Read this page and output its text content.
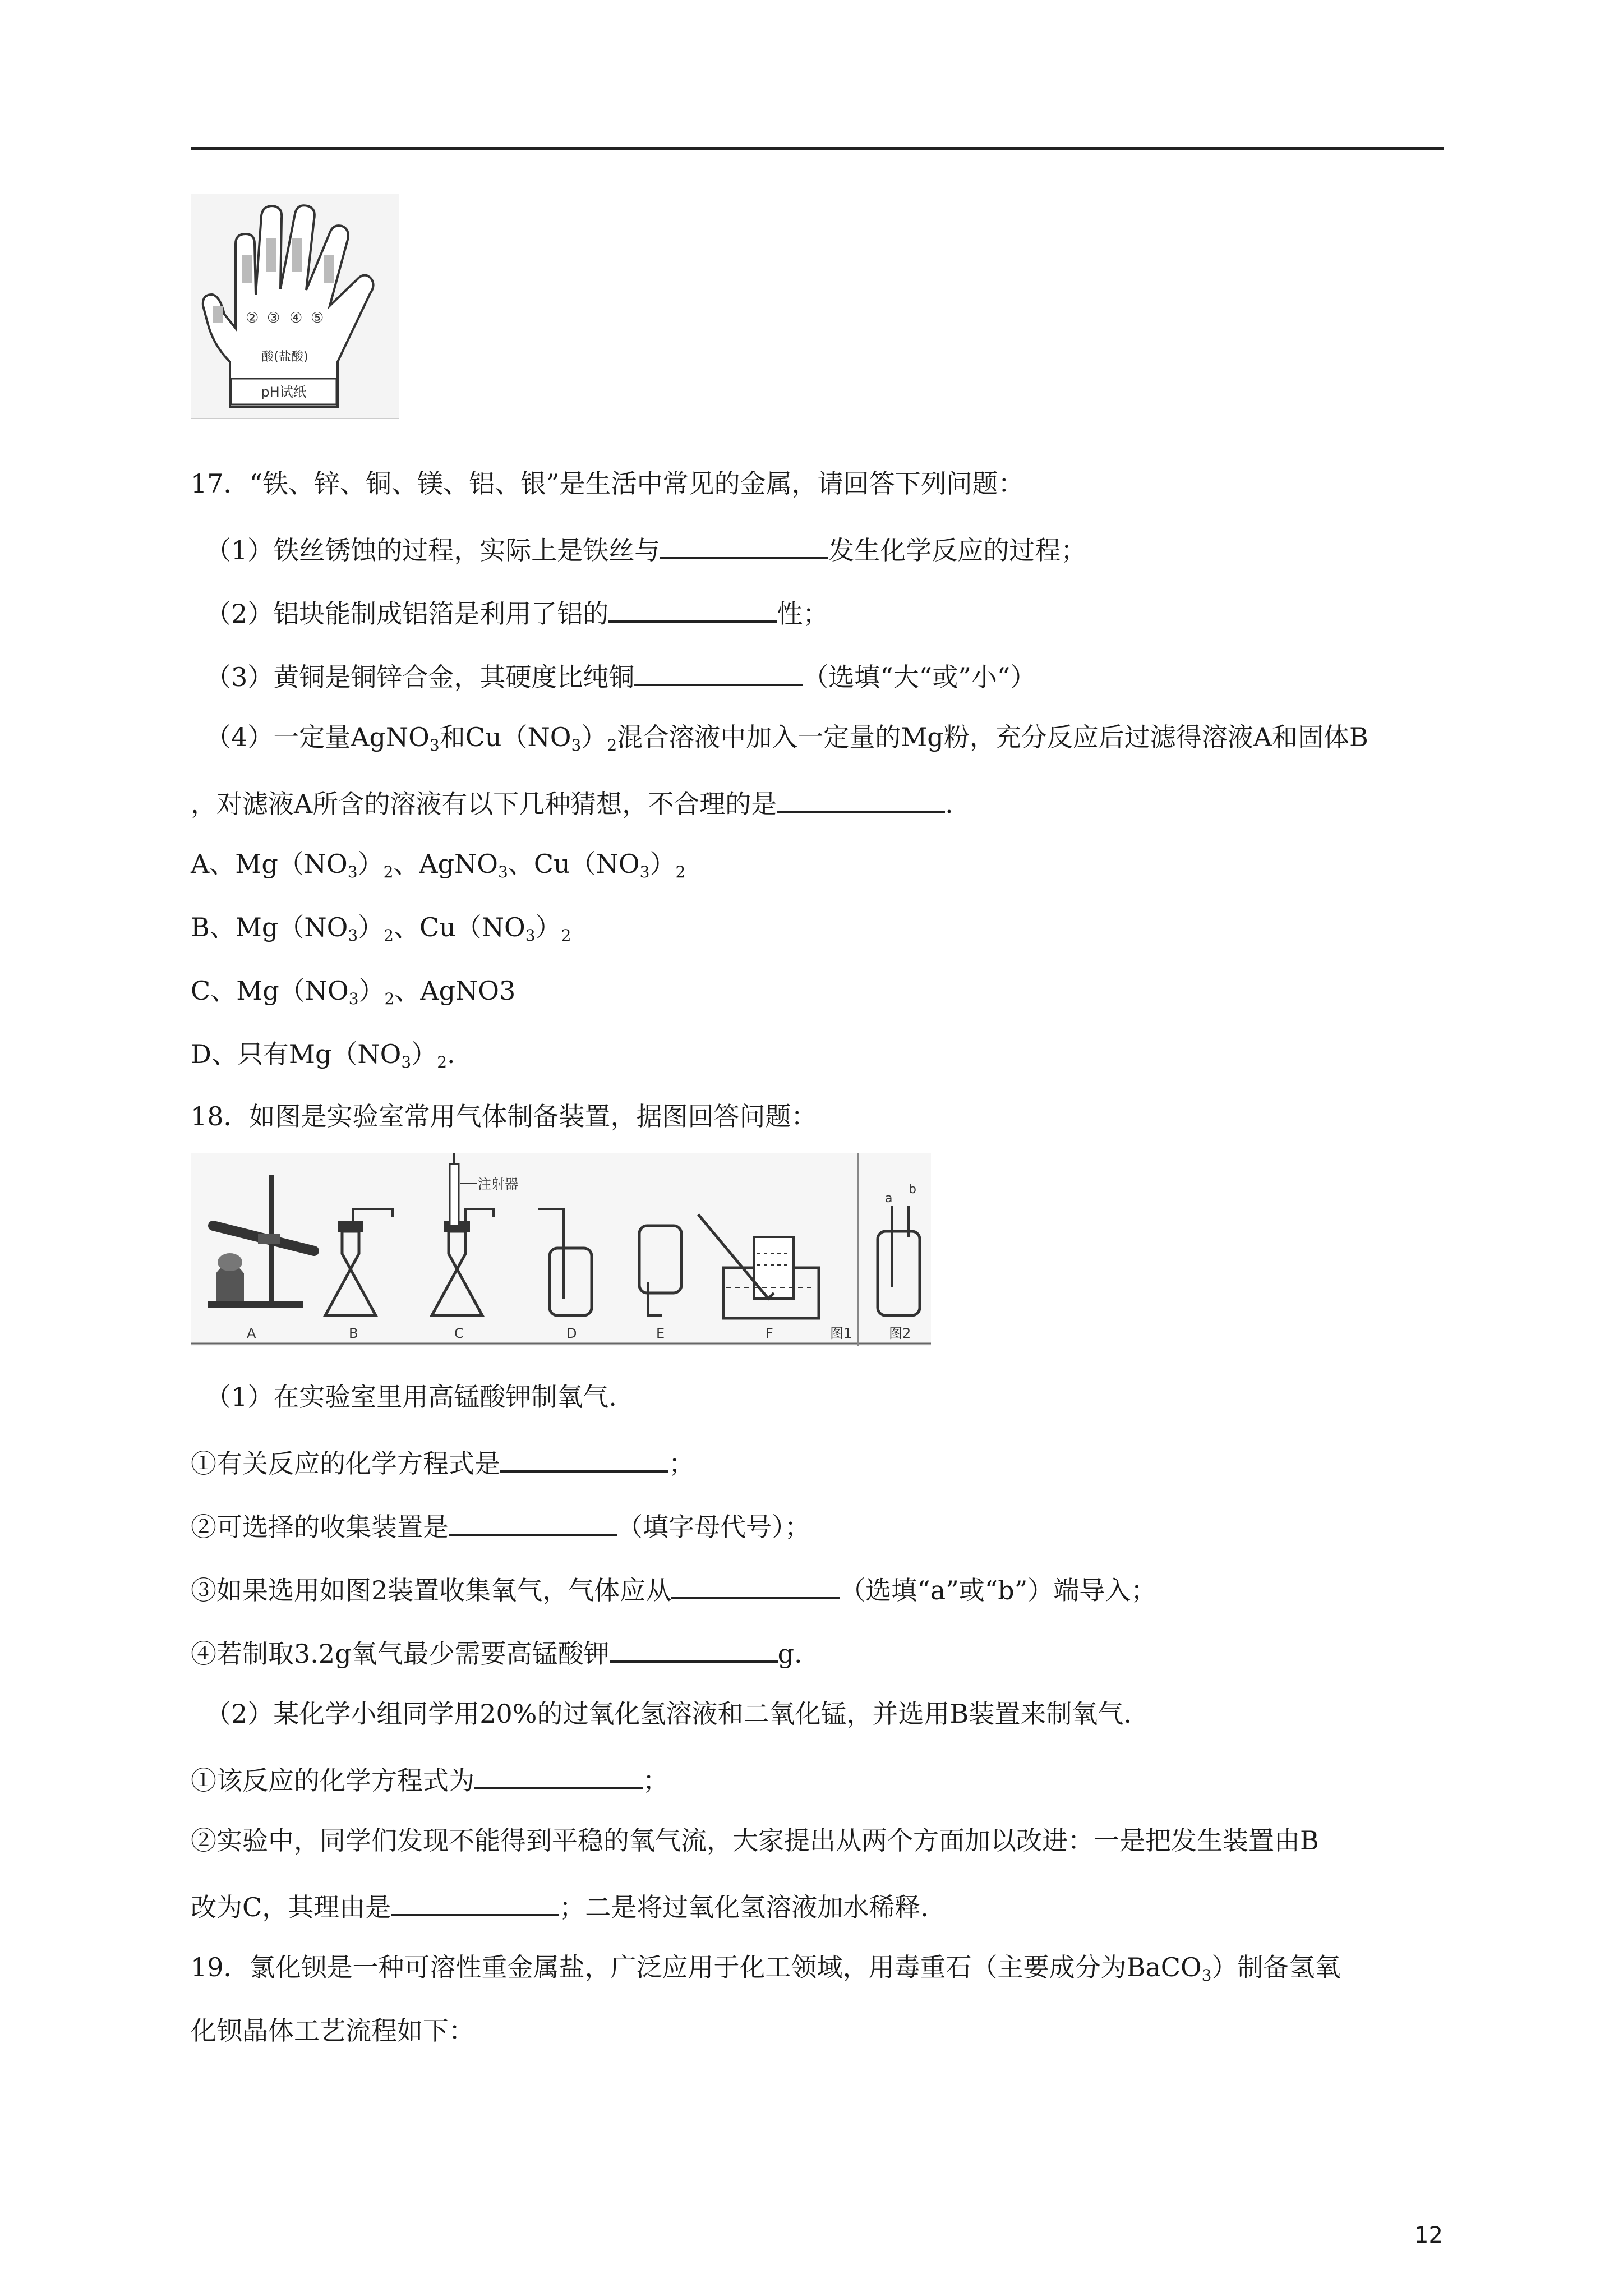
pH试纸
酸(盐酸)
② ③ ④ ⑤
17．“铁、锌、铜、镁、铝、银”是生活中常见的金属，请回答下列问题：
（1）铁丝锈蚀的过程，实际上是铁丝与	发生化学反应的过程；
（2）铝块能制成铝箔是利用了铝的	性；
（3）黄铜是铜锌合金，其硬度比纯铜	（选填“大“或”小“）
（4）一定量AgNO$_3$和$Cu(NO_3)_2$混合溶液中加入一定量的Mg粉，充分反应后过滤得溶液A和固体B
，对滤液A所含的溶液有以下几种猜想，不合理的是	.
A、$Mg(NO_3)_2$、AgNO$_3$、$Cu(NO_3)_2$
B、$Mg(NO_3)_2$、$Cu(NO_3)_2$
C、$Mg(NO_3)_2$、AgNO3
D、只有$Mg(NO_3)_2$.
18．如图是实验室常用气体制备装置，据图回答问题：
注射器
a
b
A	B	C	D	E	F	图1	图2
（1）在实验室里用高锰酸钾制氧气.
①有关反应的化学方程式是	；
②可选择的收集装置是	（填字母代号）；
③如果选用如图2装置收集氧气，气体应从	（选填“a”或“b”）端导入；
④若制取3.2g氧气最少需要高锰酸钾	g.
（2）某化学小组同学用20%的过氧化氢溶液和二氧化锰，并选用B装置来制氧气.
①该反应的化学方程式为	；
②实验中，同学们发现不能得到平稳的氧气流，大家提出从两个方面加以改进：一是把发生装置由B
改为C，其理由是	；二是将过氧化氢溶液加水稀释.
19．氯化钡是一种可溶性重金属盐，广泛应用于化工领域，用毒重石（主要成分为BaCO$_3$）制备氢氧
化钡晶体工艺流程如下：
12
